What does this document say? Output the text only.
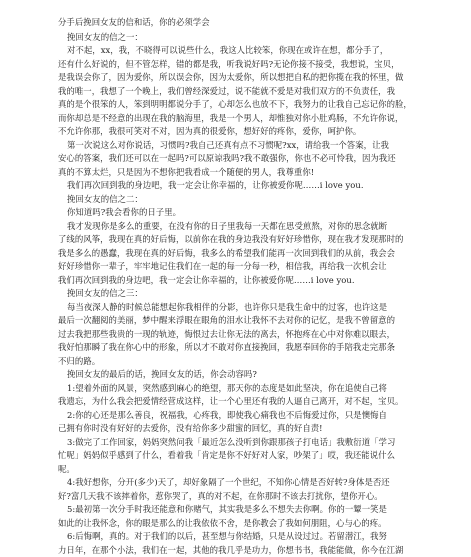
分手后挽回女友的信和话，你的必须学会
挽回女友的信之一：
对不起，xx，我，不晓得可以说些什么，我这人比较笨，你现在或许在想，都分手了，
还有什么好说的，但不管怎样，错的都是我，听我说好吗?无论你接不接受，我想说，宝贝，
是我误会你了，因为爱你，所以误会你，因为太爱你，所以想把自私的把你揽在我的怀里，做
我的唯一，我想了一个晚上，我们曾经深爱过，说不能就不爱是对我们双方的不负责任，我
真的是个很笨的人，笨到明明都说分手了，心却怎么也放不下，我努力的让我自己忘记你的脸，
而你却总是不经意的出现在我的脑海里，我是一个男人，却惟独对你小肚鸡肠，不允许你说，
不允许你那，我很可笑对不对，因为真的很爱你，想好好的疼你，爱你，呵护你。
第一次说这么对你说话，习惯吗?我自己还真有点不习惯呢?xx，请给我一个答案，让我
安心的答案，我们还可以在一起吗?可以原谅我吗?我不敢强你，你也不必可怜我，因为我还
真的不算太烂，只是因为不想你把我看成一个随便的男人，我尊重你!
我们再次回到我的身边吧，我一定会让你幸福的，让你被爱你呢……i love you.
挽回女友的信之二：
你知道吗?我会看你的日子里。
我才发现你是多么的重要，在没有你的日子里我每一天都在思受煎熬，对你的思念就断
了线的风筝，我现在真的好后悔，以前你在我的身边我没有好好珍惜你，现在我才发现那时的
我是多么的愚蠢，我现在真的好后悔，我多么的希望我们能再一次回到我们的从前，我会会
好好珍惜你一辈子，牢牢地记住我们在一起的每一分每一秒，相信我，再给我一次机会让
我们再次回到我的身边吧，我一定会让你幸福的，让你被爱你呢……i love you.
挽回女友的信之三：
每当夜深人静的时候总能想起你我相伴的分影，也许你只是我生命中的过客，也许这是
最后一次翻阅的美丽，梦中醒来浮眼在眼角的泪水让我怀不去对你的记忆，是我不曾留意的
过去我把那些我贵的一现的轨迹，悔恨过去让你无法的离去，怀抱疼在心中对你难以眼去，
我好怕那瞬了我在你心中的形象，所以才不敢对你直接挽回，我愿奉回你的手陪我走完那条
不归的路。
挽回女友的最后的话，挽回女友的话，你会动容吗?
1:望着外面的风景，突然感到麻心的绝望，那天你的态度是如此坚决，你在追使自己将
我遗忘，为什么我会把爱情经营成这样，让一个心里还有我的人逼自己离开，对不起，宝贝。
2:你的心还是那么善良，祝福我，心疼我，即使我心痛我也不后悔爱过你，只是懊悔自
己拥有你时没有好好的去爱你，没有给你多少甜蜜的回忆，真的好自责!
3:做完了工作回家，妈妈突然问我「最近怎么没听到你跟那孩子打电话」我敷衍道「学习
忙呢」妈妈似乎感到了什么，看着我「肯定是你不好好对人家，吵架了」哎，我还能说什么
呢。
4:我好想你，分开(多少)天了，却好象隔了一个世纪，不知你心情是否好转?身体是否还
好?富几天我不该摔着你，惹你哭了，真的对不起，在你那时不该去打扰你，望你开心。
5:最初第一次分手时我还能意和你赌气，其实我是多么不想失去你啊。你的一颦一笑是
如此的让我怀念，你的眼是那么的让我依依不舍，是你教会了我如何朋阻，心与心的疼。
6:后悔啊，真的。对于我们的以后，甚至想与你结婚，只是从设过过。若留潜江，我努
力日年，在那个小法，我们在一起，其他的我几乎是功力，你想书书，我能能做，你今在江湖
